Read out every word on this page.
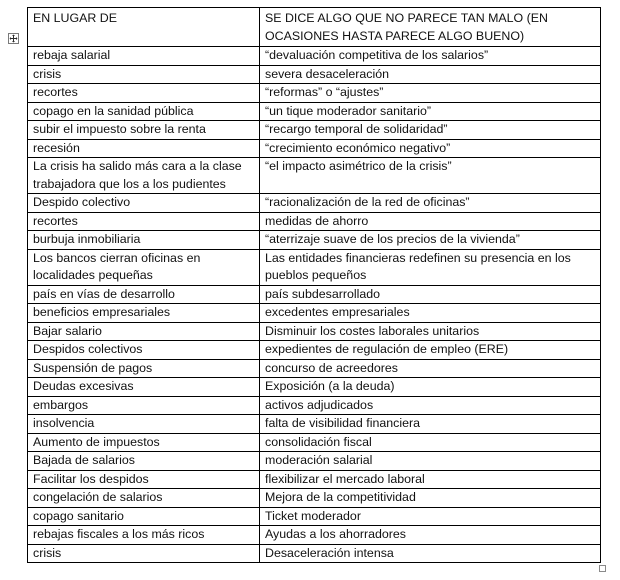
EN LUGAR DE	SE DICE ALGO QUE NO PARECE TAN MALO (EN OCASIONES HASTA PARECE ALGO BUENO)
rebaja salarial	“devaluación competitiva de los salarios”
crisis	severa desaceleración
recortes	“reformas” o “ajustes”
copago en la sanidad pública	“un tique moderador sanitario”
subir el impuesto sobre la renta	“recargo temporal de solidaridad”
recesión	“crecimiento económico negativo”
La crisis ha salido más cara a la clase trabajadora que los a los pudientes	“el impacto asimétrico de la crisis”
Despido colectivo	“racionalización de la red de oficinas”
recortes	medidas de ahorro
burbuja inmobiliaria	“aterrizaje suave de los precios de la vivienda”
Los bancos cierran oficinas en localidades pequeñas	Las entidades financieras redefinen su presencia en los pueblos pequeños
país en vías de desarrollo	país subdesarrollado
beneficios empresariales	excedentes empresariales
Bajar salario	Disminuir los costes laborales unitarios
Despidos colectivos	expedientes de regulación de empleo (ERE)
Suspensión de pagos	concurso de acreedores
Deudas excesivas	Exposición (a la deuda)
embargos	activos adjudicados
insolvencia	falta de visibilidad financiera
Aumento de impuestos	consolidación fiscal
Bajada de salarios	moderación salarial
Facilitar los despidos	flexibilizar el mercado laboral
congelación de salarios	Mejora de la competitividad
copago sanitario	Ticket moderador
rebajas fiscales a los más ricos	Ayudas a los ahorradores
crisis	Desaceleración intensa
